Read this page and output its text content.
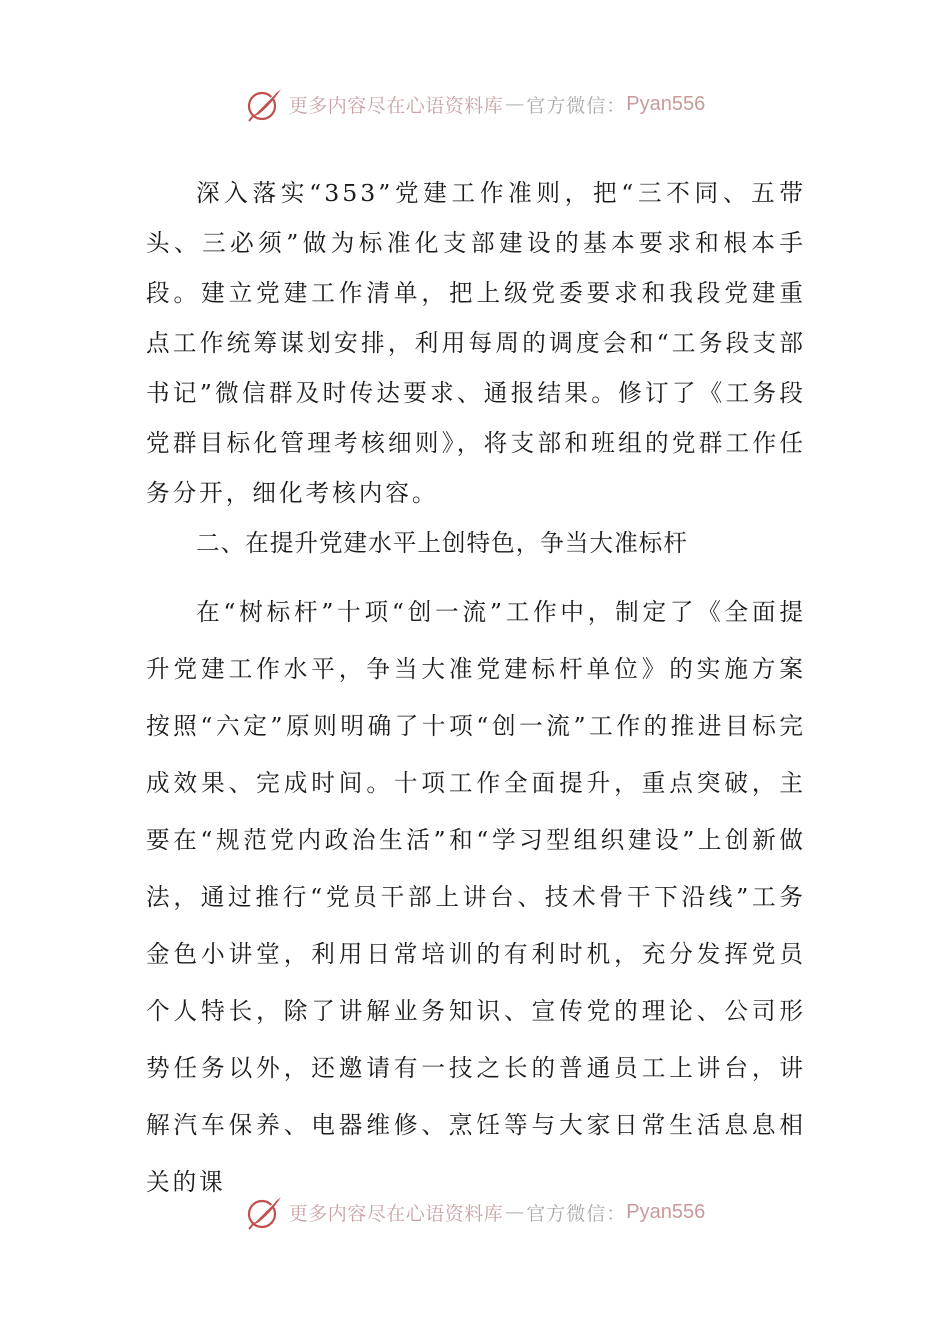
更多内容尽在心语资料库 — 官方微信： Pyan556

深入落实“353”党建工作准则，把“三不同、五带头、三必须”做为标准化支部建设的基本要求和根本手段。建立党建工作清单，把上级党委要求和我段党建重点工作统筹谋划安排，利用每周的调度会和“工务段支部书记”微信群及时传达要求、通报结果。修订了《工务段党群目标化管理考核细则》，将支部和班组的党群工作任务分开，细化考核内容。

二、在提升党建水平上创特色，争当大准标杆

在“树标杆”十项“创一流”工作中，制定了《全面提升党建工作水平，争当大准党建标杆单位》的实施方案按照“六定”原则明确了十项“创一流”工作的推进目标完成效果、完成时间。十项工作全面提升，重点突破，主要在“规范党内政治生活”和“学习型组织建设”上创新做法，通过推行“党员干部上讲台、技术骨干下沿线”工务金色小讲堂，利用日常培训的有利时机，充分发挥党员个人特长，除了讲解业务知识、宣传党的理论、公司形势任务以外，还邀请有一技之长的普通员工上讲台，讲解汽车保养、电器维修、烹饪等与大家日常生活息息相关的课

更多内容尽在心语资料库 — 官方微信： Pyan556
